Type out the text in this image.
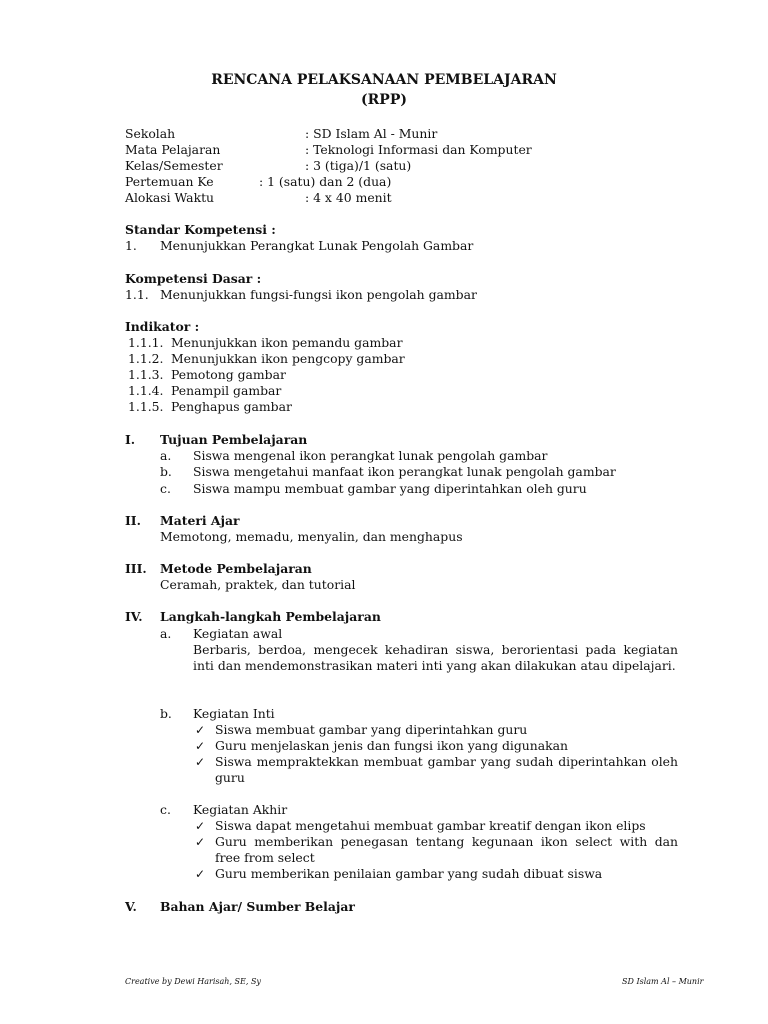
RENCANA PELAKSANAAN PEMBELAJARAN
(RPP)
Sekolah	: SD Islam Al - Munir
Mata Pelajaran	: Teknologi Informasi dan Komputer
Kelas/Semester	: 3 (tiga)/1 (satu)
Pertemuan Ke	: 1 (satu) dan 2 (dua)
Alokasi Waktu	: 4 x 40 menit
Standar Kompetensi :
1. Menunjukkan Perangkat Lunak Pengolah Gambar
Kompetensi Dasar :
1.1. Menunjukkan fungsi-fungsi ikon pengolah gambar
Indikator :
1.1.1. Menunjukkan ikon pemandu gambar
1.1.2. Menunjukkan ikon pengcopy gambar
1.1.3. Pemotong gambar
1.1.4. Penampil gambar
1.1.5. Penghapus gambar
I. Tujuan Pembelajaran
a. Siswa mengenal ikon perangkat lunak pengolah gambar
b. Siswa mengetahui manfaat ikon perangkat lunak pengolah gambar
c. Siswa mampu membuat gambar yang diperintahkan oleh guru
II. Materi Ajar
Memotong, memadu, menyalin, dan menghapus
III. Metode Pembelajaran
Ceramah, praktek, dan tutorial
IV. Langkah-langkah Pembelajaran
a. Kegiatan awal
Berbaris, berdoa, mengecek kehadiran siswa, berorientasi pada kegiatan inti dan mendemonstrasikan materi inti yang akan dilakukan atau dipelajari.
b. Kegiatan Inti
✓ Siswa membuat gambar yang diperintahkan guru
✓ Guru menjelaskan jenis dan fungsi ikon yang digunakan
✓ Siswa mempraktekkan membuat gambar yang sudah diperintahkan oleh guru
c. Kegiatan Akhir
✓ Siswa dapat mengetahui membuat gambar kreatif dengan ikon elips
✓ Guru memberikan penegasan tentang kegunaan ikon select with dan free from select
✓ Guru memberikan penilaian gambar yang sudah dibuat siswa
V. Bahan Ajar/ Sumber Belajar
Creative by Dewi Harisah, SE, Sy	SD Islam Al – Munir
